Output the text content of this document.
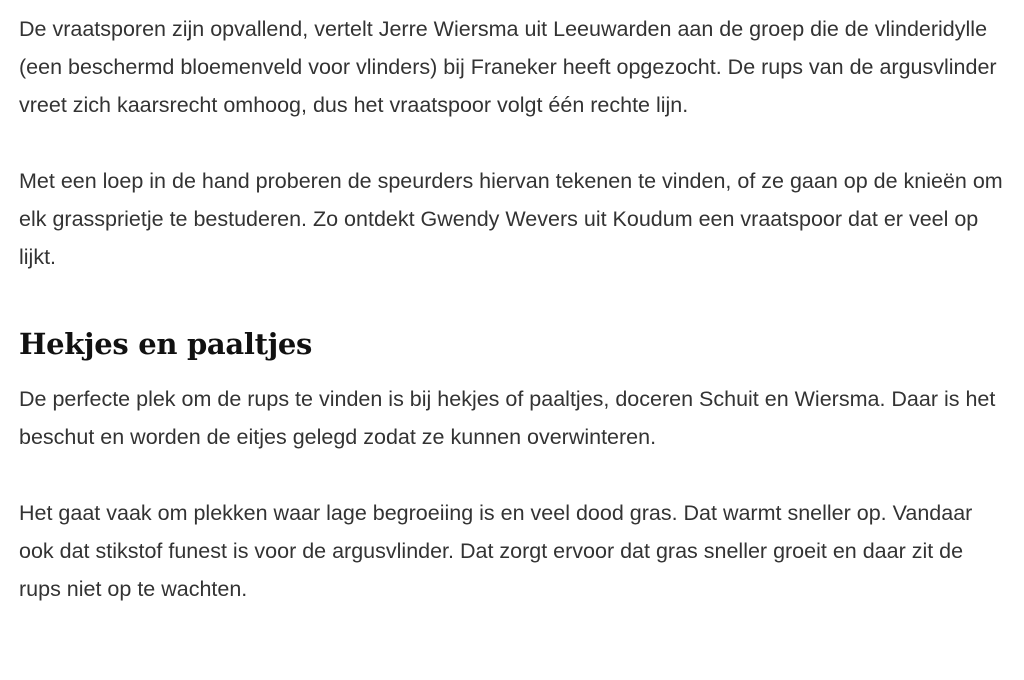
De vraatsporen zijn opvallend, vertelt Jerre Wiersma uit Leeuwarden aan de groep die de vlinderidylle (een beschermd bloemenveld voor vlinders) bij Franeker heeft opgezocht. De rups van de argusvlinder vreet zich kaarsrecht omhoog, dus het vraatspoor volgt één rechte lijn.

Met een loep in de hand proberen de speurders hiervan tekenen te vinden, of ze gaan op de knieën om elk grassprietje te bestuderen. Zo ontdekt Gwendy Wevers uit Koudum een vraatspoor dat er veel op lijkt.

Hekjes en paaltjes

De perfecte plek om de rups te vinden is bij hekjes of paaltjes, doceren Schuit en Wiersma. Daar is het beschut en worden de eitjes gelegd zodat ze kunnen overwinteren.

Het gaat vaak om plekken waar lage begroeiing is en veel dood gras. Dat warmt sneller op. Vandaar ook dat stikstof funest is voor de argusvlinder. Dat zorgt ervoor dat gras sneller groeit en daar zit de rups niet op te wachten.
